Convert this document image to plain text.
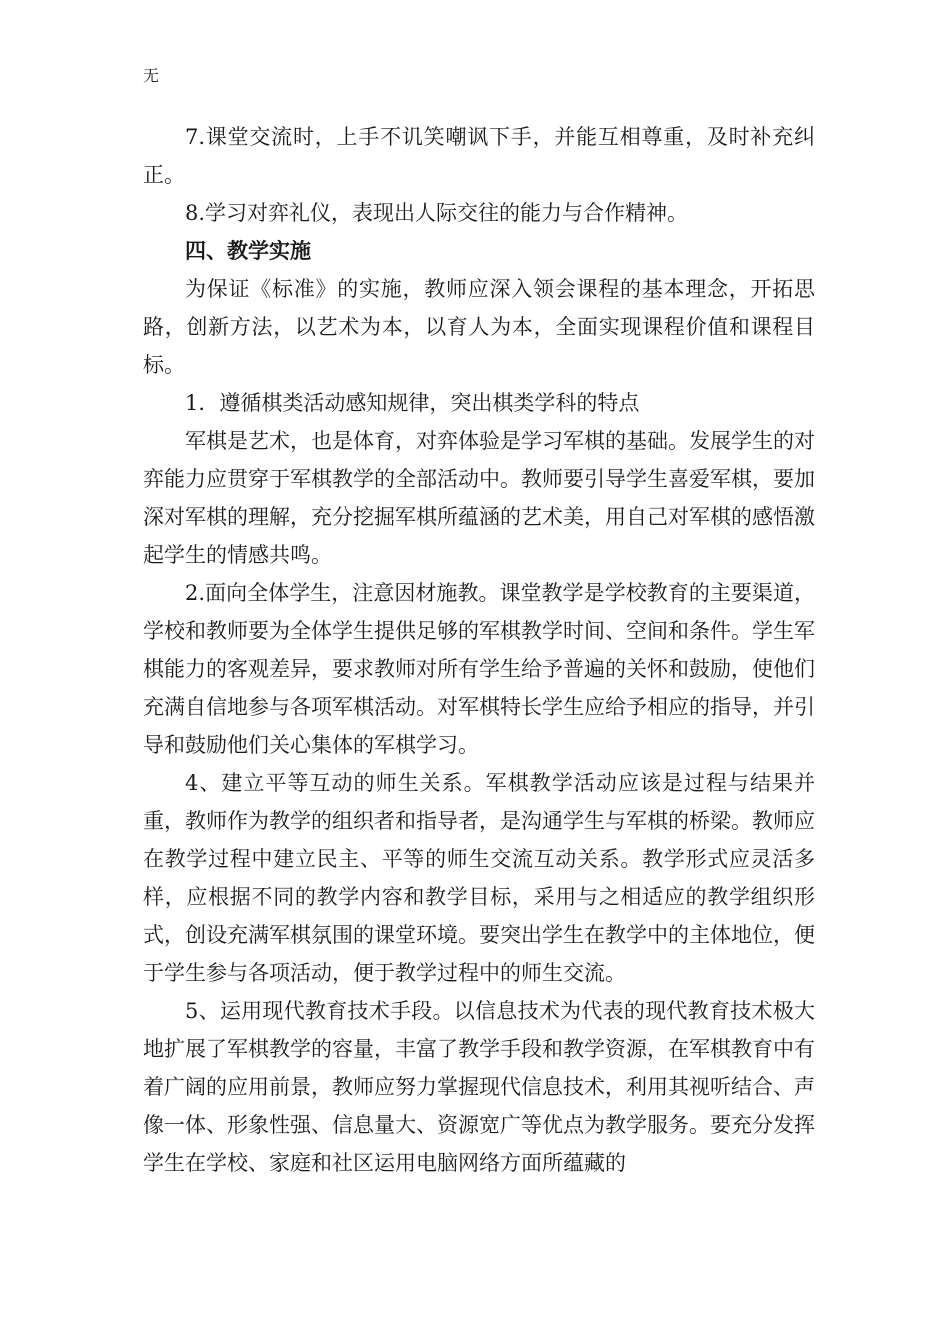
无

7.课堂交流时，上手不讥笑嘲讽下手，并能互相尊重，及时补充纠正。

8.学习对弈礼仪，表现出人际交往的能力与合作精神。

四、教学实施

为保证《标准》的实施，教师应深入领会课程的基本理念，开拓思路，创新方法，以艺术为本，以育人为本，全面实现课程价值和课程目标。

1．遵循棋类活动感知规律，突出棋类学科的特点

军棋是艺术，也是体育，对弈体验是学习军棋的基础。发展学生的对弈能力应贯穿于军棋教学的全部活动中。教师要引导学生喜爱军棋，要加深对军棋的理解，充分挖掘军棋所蕴涵的艺术美，用自己对军棋的感悟激起学生的情感共鸣。

2.面向全体学生，注意因材施教。课堂教学是学校教育的主要渠道，学校和教师要为全体学生提供足够的军棋教学时间、空间和条件。学生军棋能力的客观差异，要求教师对所有学生给予普遍的关怀和鼓励，使他们充满自信地参与各项军棋活动。对军棋特长学生应给予相应的指导，并引导和鼓励他们关心集体的军棋学习。

4、建立平等互动的师生关系。军棋教学活动应该是过程与结果并重，教师作为教学的组织者和指导者，是沟通学生与军棋的桥梁。教师应在教学过程中建立民主、平等的师生交流互动关系。教学形式应灵活多样，应根据不同的教学内容和教学目标，采用与之相适应的教学组织形式，创设充满军棋氛围的课堂环境。要突出学生在教学中的主体地位，便于学生参与各项活动，便于教学过程中的师生交流。

5、运用现代教育技术手段。以信息技术为代表的现代教育技术极大地扩展了军棋教学的容量，丰富了教学手段和教学资源，在军棋教育中有着广阔的应用前景，教师应努力掌握现代信息技术，利用其视听结合、声像一体、形象性强、信息量大、资源宽广等优点为教学服务。要充分发挥学生在学校、家庭和社区运用电脑网络方面所蕴藏的
